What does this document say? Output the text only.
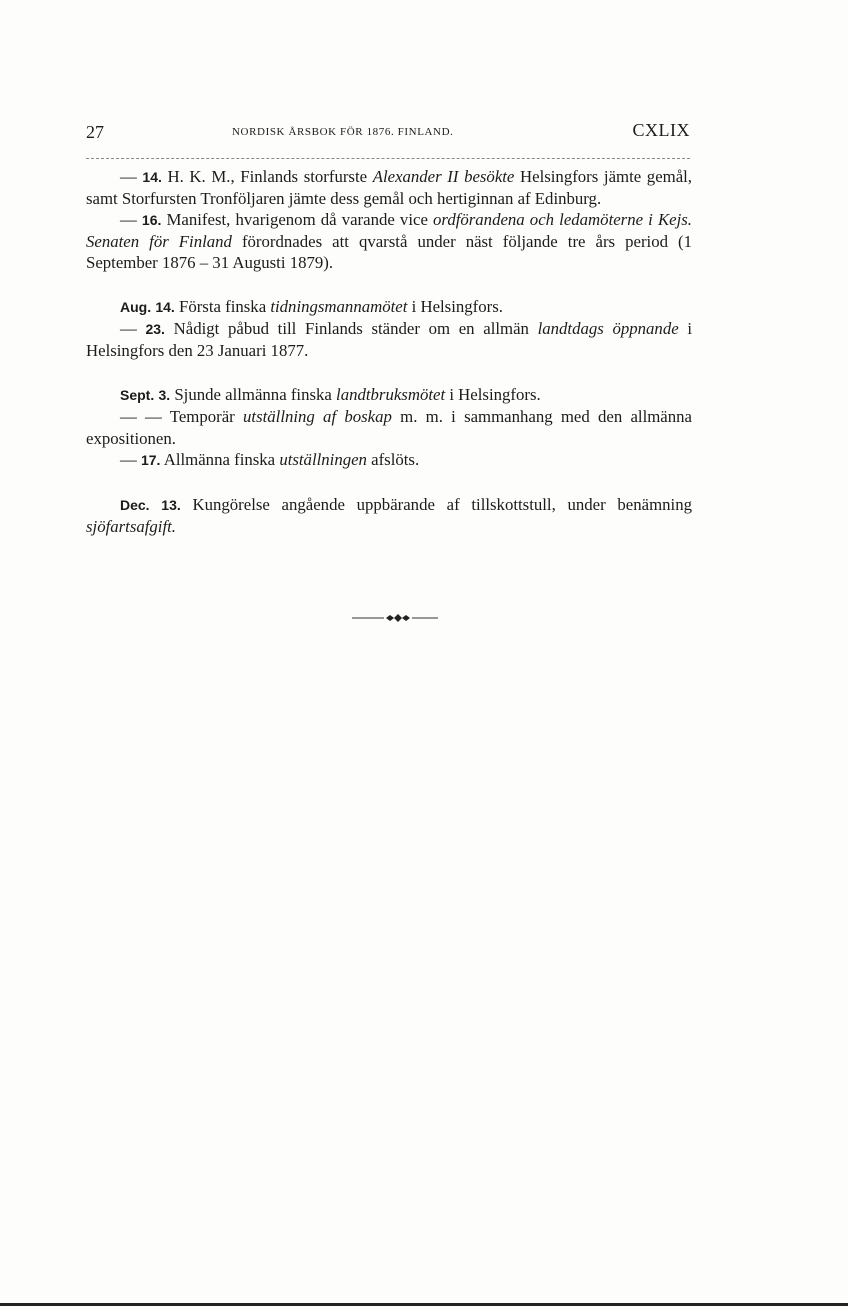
27	NORDISK ÅRSBOK FÖR 1876. FINLAND.	CXLIX

— 14. H. K. M., Finlands storfurste Alexander II besökte Helsingfors jämte gemål, samt Storfursten Tronföljaren jämte dess gemål och hertiginnan af Edinburg.

— 16. Manifest, hvarigenom då varande vice ordförandena och ledamöterne i Kejs. Senaten för Finland förordnades att qvarstå under näst följande tre års period (1 September 1876 – 31 Augusti 1879).

Aug. 14. Första finska tidningsmannamötet i Helsingfors.

— 23. Nådigt påbud till Finlands ständer om en allmän landtdags öppnande i Helsingfors den 23 Januari 1877.

Sept. 3. Sjunde allmänna finska landtbruksmötet i Helsingfors.

— — Temporär utställning af boskap m. m. i sammanhang med den allmänna expositionen.

— 17. Allmänna finska utställningen afslöts.

Dec. 13. Kungörelse angående uppbärande af tillskottstull, under benämning sjöfartsafgift.
